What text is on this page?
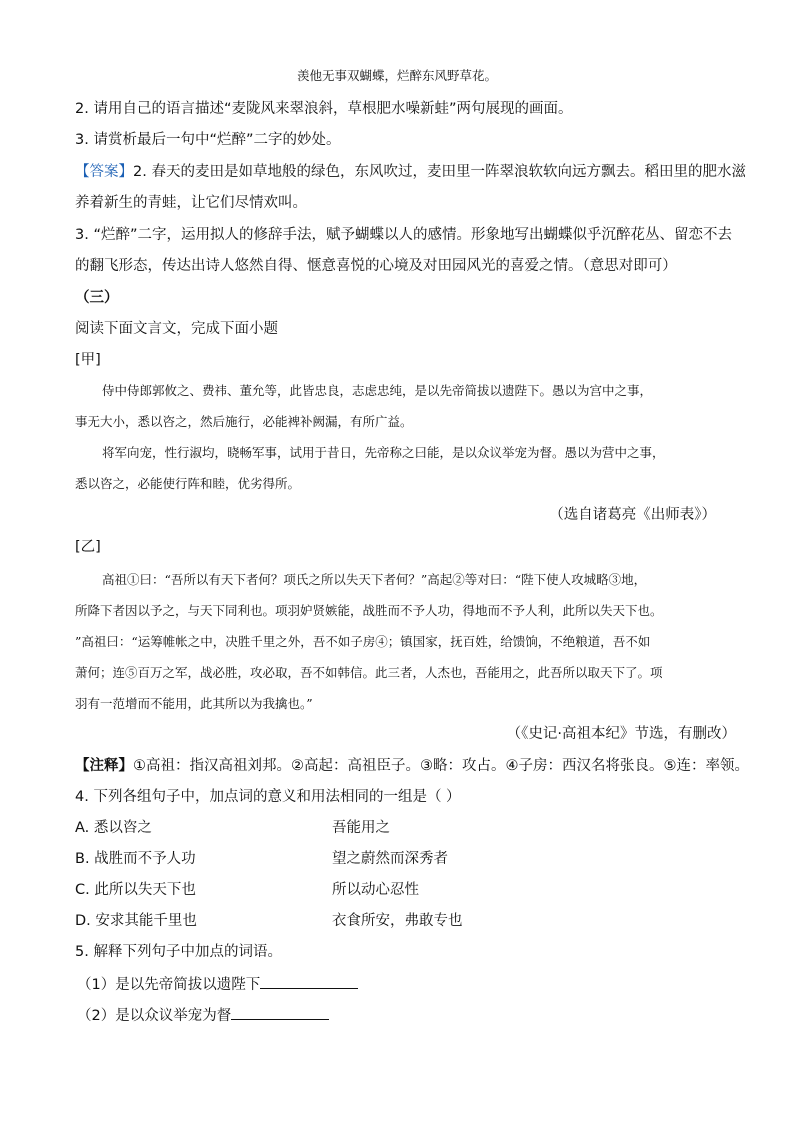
羡他无事双蝴蝶，烂醉东风野草花。
2. 请用自己的语言描述“麦陇风来翠浪斜，草根肥水噪新蛙”两句展现的画面。
3. 请赏析最后一句中“烂醉”二字的妙处。
【答案】2. 春天的麦田是如草地般的绿色，东风吹过，麦田里一阵翠浪软软向远方飘去。稻田里的肥水滋
养着新生的青蛙，让它们尽情欢叫。
3. “烂醉”二字，运用拟人的修辞手法，赋予蝴蝶以人的感情。形象地写出蝴蝶似乎沉醉花丛、留恋不去
的翻飞形态，传达出诗人悠然自得、惬意喜悦的心境及对田园风光的喜爱之情。（意思对即可）
（三）
阅读下面文言文，完成下面小题
[甲]
侍中侍郎郭攸之、费祎、董允等，此皆忠良，志虑忠纯，是以先帝简拔以遗陛下。愚以为宫中之事，
事无大小，悉以咨之，然后施行，必能裨补阙漏，有所广益。
将军向宠，性行淑均，晓畅军事，试用于昔日，先帝称之曰能，是以众议举宠为督。愚以为营中之事，
悉以咨之，必能使行阵和睦，优劣得所。
（选自诸葛亮《出师表》）
[乙]
高祖①曰：“吾所以有天下者何？项氏之所以失天下者何？”高起②等对曰：“陛下使人攻城略③地，
所降下者因以予之，与天下同利也。项羽妒贤嫉能，战胜而不予人功，得地而不予人利，此所以失天下也。
”高祖曰：“运筹帷帐之中，决胜千里之外，吾不如子房④；镇国家，抚百姓，给馈饷，不绝粮道，吾不如
萧何；连⑤百万之军，战必胜，攻必取，吾不如韩信。此三者，人杰也，吾能用之，此吾所以取天下了。项
羽有一范增而不能用，此其所以为我擒也。”
（《史记·高祖本纪》节选，有删改）
【注释】①高祖：指汉高祖刘邦。②高起：高祖臣子。③略：攻占。④子房：西汉名将张良。⑤连：率领。
4. 下列各组句子中，加点词的意义和用法相同的一组是（ ）
A. 悉以咨之	吾能用之
B. 战胜而不予人功	望之蔚然而深秀者
C. 此所以失天下也	所以动心忍性
D. 安求其能千里也	衣食所安，弗敢专也
5. 解释下列句子中加点的词语。
（1）是以先帝简拔以遗陛下
（2）是以众议举宠为督
